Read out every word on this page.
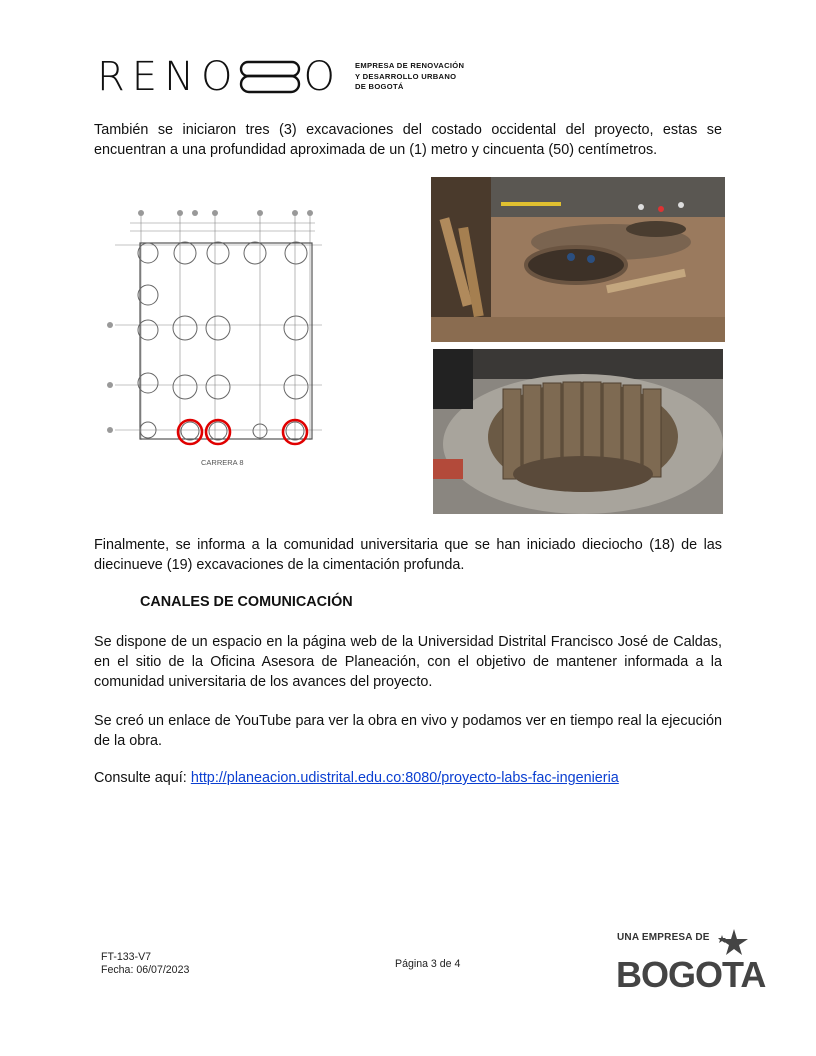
RENO O EMPRESA DE RENOVACIÓN
Y DESARROLLO URBANO
DE BOGOTÁ
También se iniciaron tres (3) excavaciones del costado occidental del proyecto, estas se encuentran a una profundidad aproximada de un (1) metro y cincuenta (50) centímetros.
CARRERA 8
Finalmente, se informa a la comunidad universitaria que se han iniciado dieciocho (18) de las diecinueve (19) excavaciones de la cimentación profunda.
CANALES DE COMUNICACIÓN
Se dispone de un espacio en la página web de la Universidad Distrital Francisco José de Caldas, en el sitio de la Oficina Asesora de Planeación, con el objetivo de mantener informada a la comunidad universitaria de los avances del proyecto.
Se creó un enlace de YouTube para ver la obra en vivo y podamos ver en tiempo real la ejecución de la obra.
Consulte aquí: http://planeacion.udistrital.edu.co:8080/proyecto-labs-fac-ingenieria
FT-133-V7
Fecha: 06/07/2023	Página 3 de 4
UNA EMPRESA DE
BOGOTA
